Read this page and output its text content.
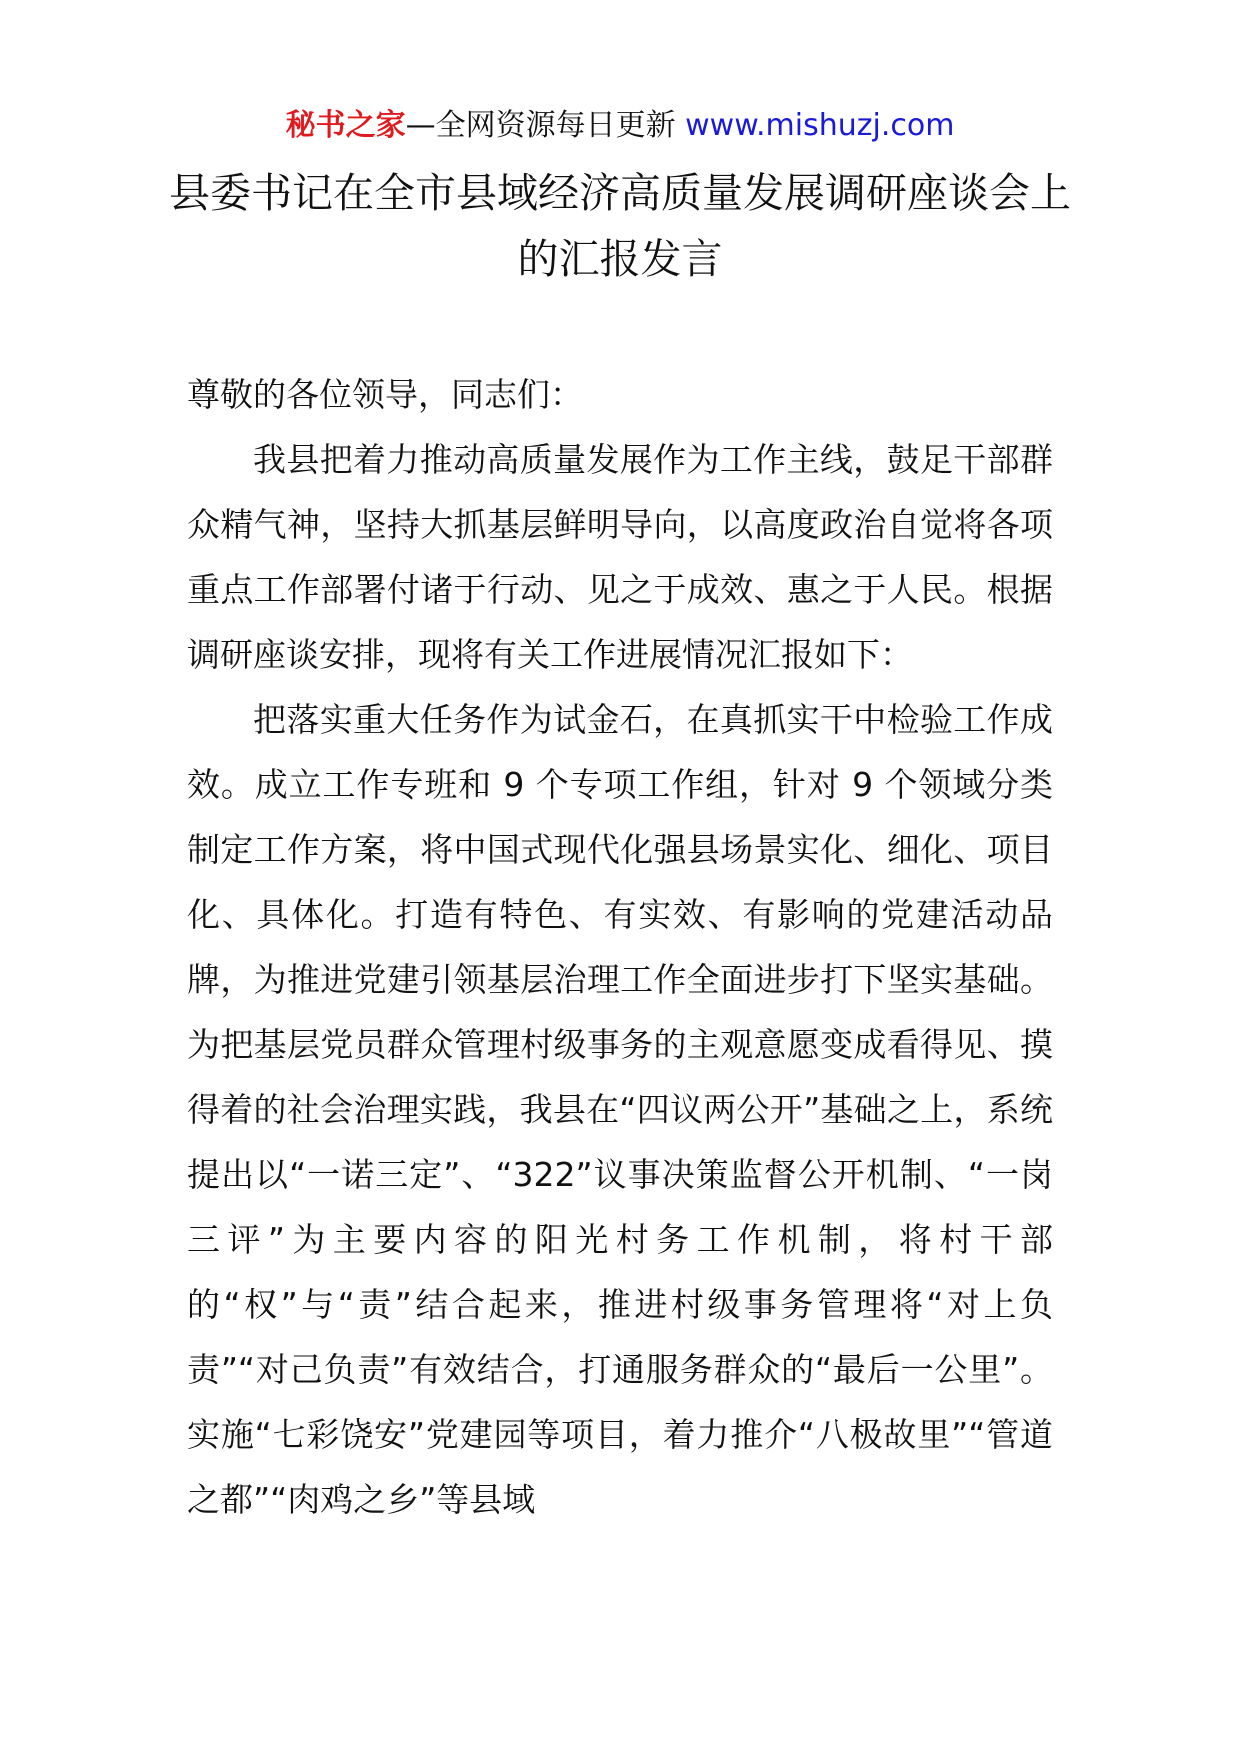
秘书之家—全网资源每日更新 www.mishuzj.com
县委书记在全市县域经济高质量发展调研座谈会上的汇报发言

尊敬的各位领导，同志们：

我县把着力推动高质量发展作为工作主线，鼓足干部群众精气神，坚持大抓基层鲜明导向，以高度政治自觉将各项重点工作部署付诸于行动、见之于成效、惠之于人民。根据调研座谈安排，现将有关工作进展情况汇报如下：

把落实重大任务作为试金石，在真抓实干中检验工作成效。成立工作专班和 9 个专项工作组，针对 9 个领域分类制定工作方案，将中国式现代化强县场景实化、细化、项目化、具体化。打造有特色、有实效、有影响的党建活动品牌，为推进党建引领基层治理工作全面进步打下坚实基础。为把基层党员群众管理村级事务的主观意愿变成看得见、摸得着的社会治理实践，我县在“四议两公开”基础之上，系统提出以“一诺三定”、“322”议事决策监督公开机制、“一岗三评”为主要内容的阳光村务工作机制，将村干部的“权”与“责”结合起来，推进村级事务管理将“对上负责”“对己负责”有效结合，打通服务群众的“最后一公里”。实施“七彩饶安”党建园等项目，着力推介“八极故里”“管道之都”“肉鸡之乡”等县域
